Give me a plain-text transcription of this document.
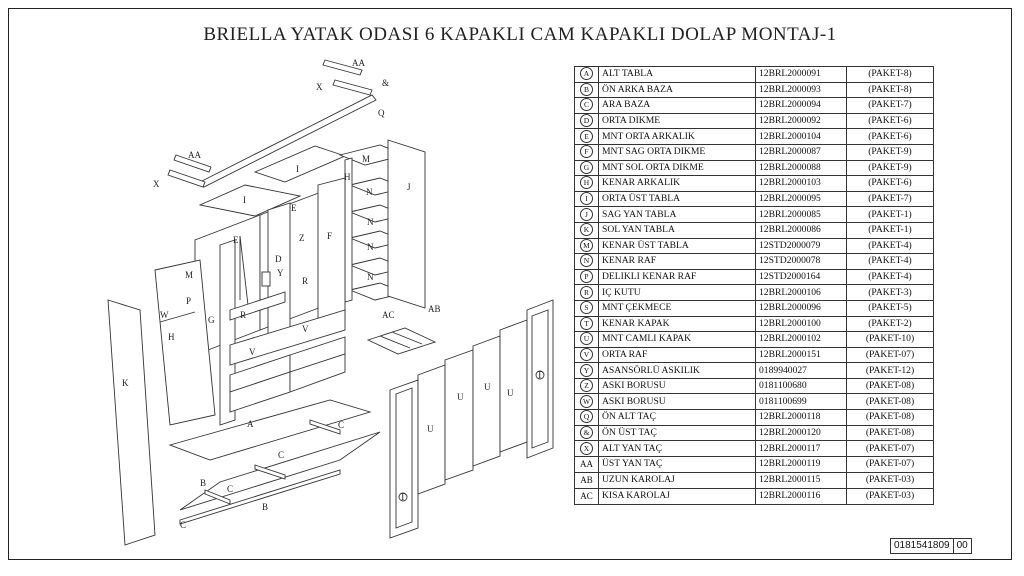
BRIELLA YATAK ODASI 6 KAPAKLI CAM KAPAKLI DOLAP MONTAJ-1
AA
&
X
Q
AA
X
I
I
M
H
N
N
N
N
J
E
Z	F
E
D
Y
R
R
M
P
G
W
H
K
V
V
A	C
C
C
C
B
B
AC
AB
U
U
U
U
T
T
A	ALT TABLA	12BRL2000091	(PAKET-8)
B	ÖN ARKA BAZA	12BRL2000093	(PAKET-8)
C	ARA BAZA	12BRL2000094	(PAKET-7)
D	ORTA DIKME	12BRL2000092	(PAKET-6)
E	MNT ORTA ARKALIK	12BRL2000104	(PAKET-6)
F	MNT SAG ORTA DIKME	12BRL2000087	(PAKET-9)
G	MNT SOL ORTA DIKME	12BRL2000088	(PAKET-9)
H	KENAR ARKALIK	12BRL2000103	(PAKET-6)
I	ORTA ÜST TABLA	12BRL2000095	(PAKET-7)
J	SAG YAN TABLA	12BRL2000085	(PAKET-1)
K	SOL YAN TABLA	12BRL2000086	(PAKET-1)
M	KENAR ÜST TABLA	12STD2000079	(PAKET-4)
N	KENAR RAF	12STD2000078	(PAKET-4)
P	DELIKLI KENAR RAF	12STD2000164	(PAKET-4)
R	IÇ KUTU	12BRL2000106	(PAKET-3)
S	MNT ÇEKMECE	12BRL2000096	(PAKET-5)
T	KENAR KAPAK	12BRL2000100	(PAKET-2)
U	MNT CAMLI KAPAK	12BRL2000102	(PAKET-10)
V	ORTA RAF	12BRL2000151	(PAKET-07)
Y	ASANSÖRLÜ ASKILIK	0189940027	(PAKET-12)
Z	ASKI BORUSU	0181100680	(PAKET-08)
W	ASKI BORUSU	0181100699	(PAKET-08)
Q	ÖN ALT TAÇ	12BRL2000118	(PAKET-08)
&	ÖN ÜST TAÇ	12BRL2000120	(PAKET-08)
X	ALT YAN TAÇ	12BRL2000117	(PAKET-07)
AA	ÜST YAN TAÇ	12BRL2000119	(PAKET-07)
AB	UZUN KAROLAJ	12BRL2000115	(PAKET-03)
AC	KISA KAROLAJ	12BRL2000116	(PAKET-03)
0181541809 00
